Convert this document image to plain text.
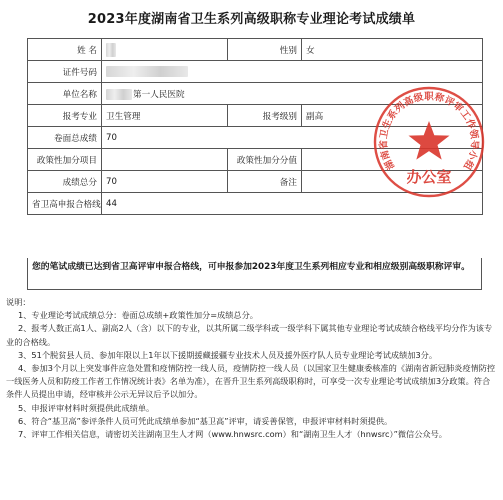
2023年度湖南省卫生系列高级职称专业理论考试成绩单
姓 名		性别	女
证件号码			
单位名称	第一人民医院		
报考专业	卫生管理	报考级别	副高
卷面总成绩	70		
政策性加分项目		政策性加分分值	
成绩总分	70	备注	
省卫高申报合格线	44		
您的笔试成绩已达到省卫高评审申报合格线，可申报参加2023年度卫生系列相应专业和相应级别高级职称评审。

说明：

1、专业理论考试成绩总分：卷面总成绩+政策性加分=成绩总分。

2、报考人数正高1人、副高2人（含）以下的专业，以其所属二级学科或一级学科下属其他专业理论考试成绩合格线平均分作为该专业的合格线。

3、51个脱贫县人员、参加年限以上1年以下援期援藏援疆专业技术人员及援外医疗队人员专业理论考试成绩加3分。

4、参加3个月以上突发事件应急处置和疫情防控一线人员，疫情防控一线人员（以国家卫生健康委核准的《湖南省新冠肺炎疫情防控一线医务人员和防疫工作者工作情况统计表》名单为准），在晋升卫生系列高级职称时，可享受一次专业理论考试成绩加3分政策。符合条件人员提出申请，经审核并公示无异议后予以加分。

5、申报评审材料时须提供此成绩单。

6、符合“基卫高”参评条件人员可凭此成绩单参加“基卫高”评审，请妥善保管，申报评审材料时须提供。

7、评审工作相关信息，请密切关注湖南卫生人才网（www.hnwsrc.com）和“湖南卫生人才（hnwsrc）”微信公众号。

湖
南
省
卫
生
系
列
高
级 职 称
评
审
工
作
领
导
小
组
办公室
